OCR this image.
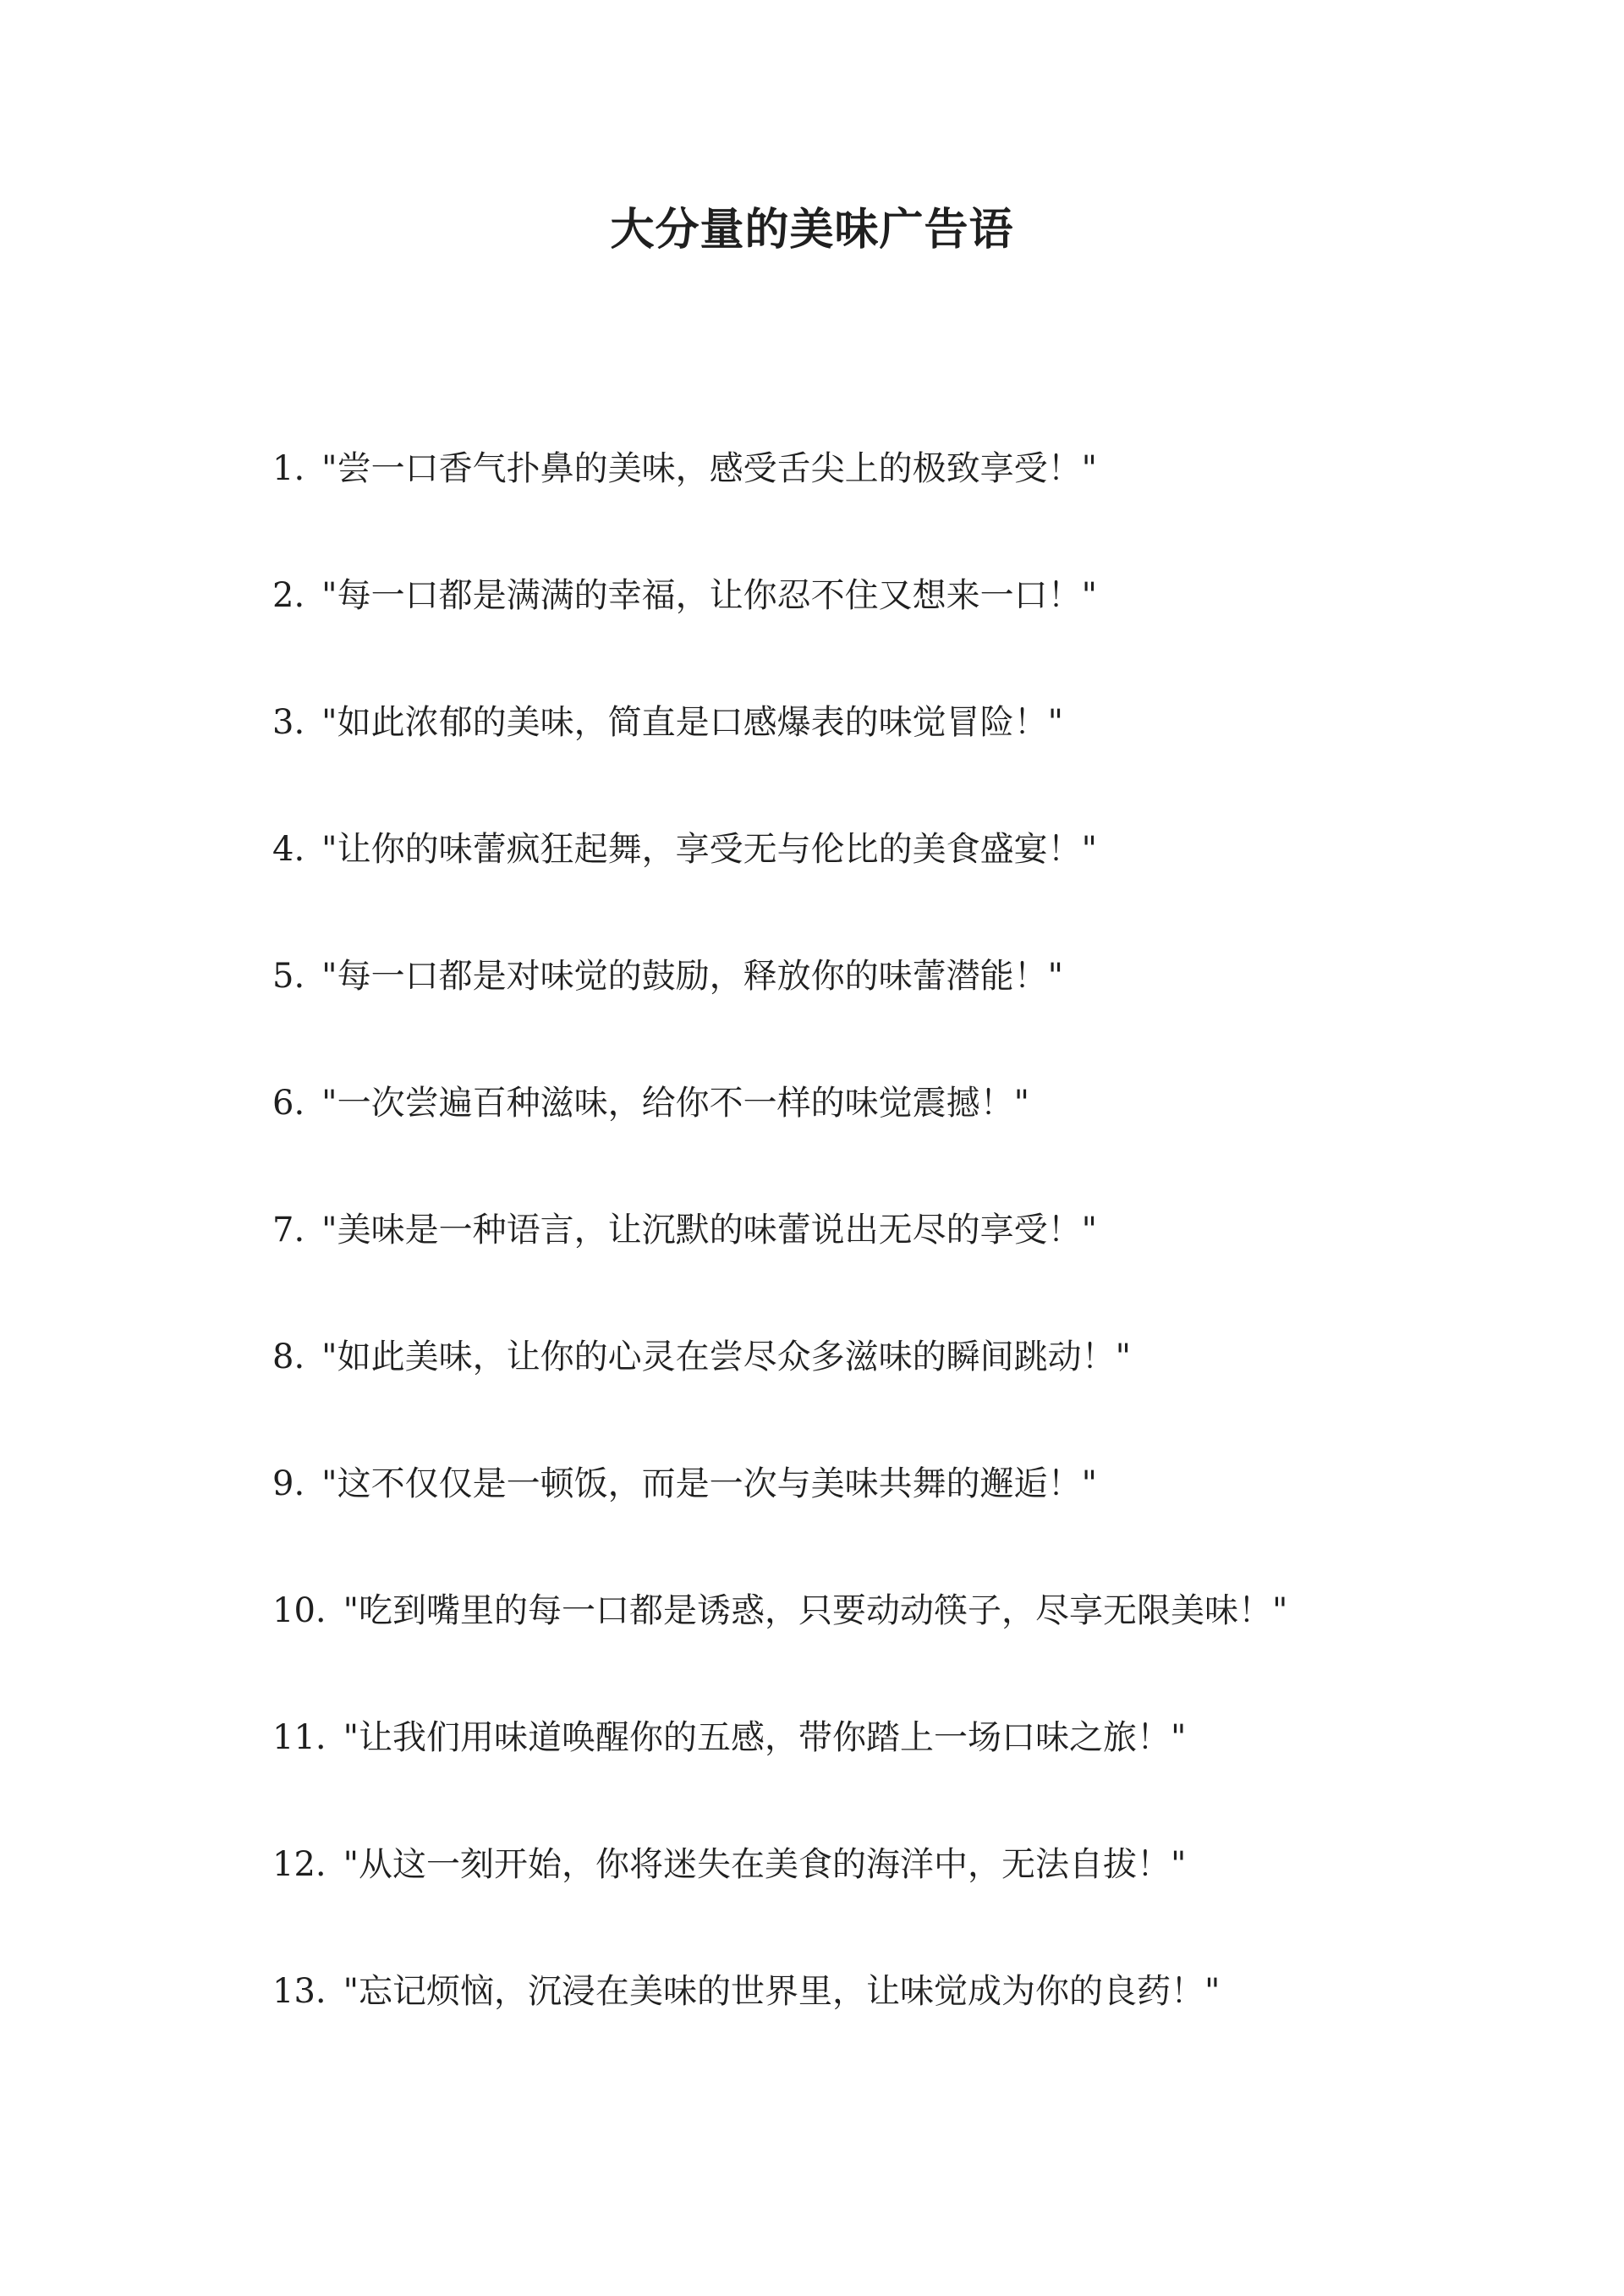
大分量的美味广告语
1. "尝一口香气扑鼻的美味，感受舌尖上的极致享受！"
2. "每一口都是满满的幸福，让你忍不住又想来一口！"
3. "如此浓郁的美味，简直是口感爆表的味觉冒险！"
4. "让你的味蕾疯狂起舞，享受无与伦比的美食盛宴！"
5. "每一口都是对味觉的鼓励，释放你的味蕾潜能！"
6. "一次尝遍百种滋味，给你不一样的味觉震撼！"
7. "美味是一种语言，让沉默的味蕾说出无尽的享受！"
8. "如此美味，让你的心灵在尝尽众多滋味的瞬间跳动！"
9. "这不仅仅是一顿饭，而是一次与美味共舞的邂逅！"
10. "吃到嘴里的每一口都是诱惑，只要动动筷子，尽享无限美味！"
11. "让我们用味道唤醒你的五感，带你踏上一场口味之旅！"
12. "从这一刻开始，你将迷失在美食的海洋中，无法自拔！"
13. "忘记烦恼，沉浸在美味的世界里，让味觉成为你的良药！"
